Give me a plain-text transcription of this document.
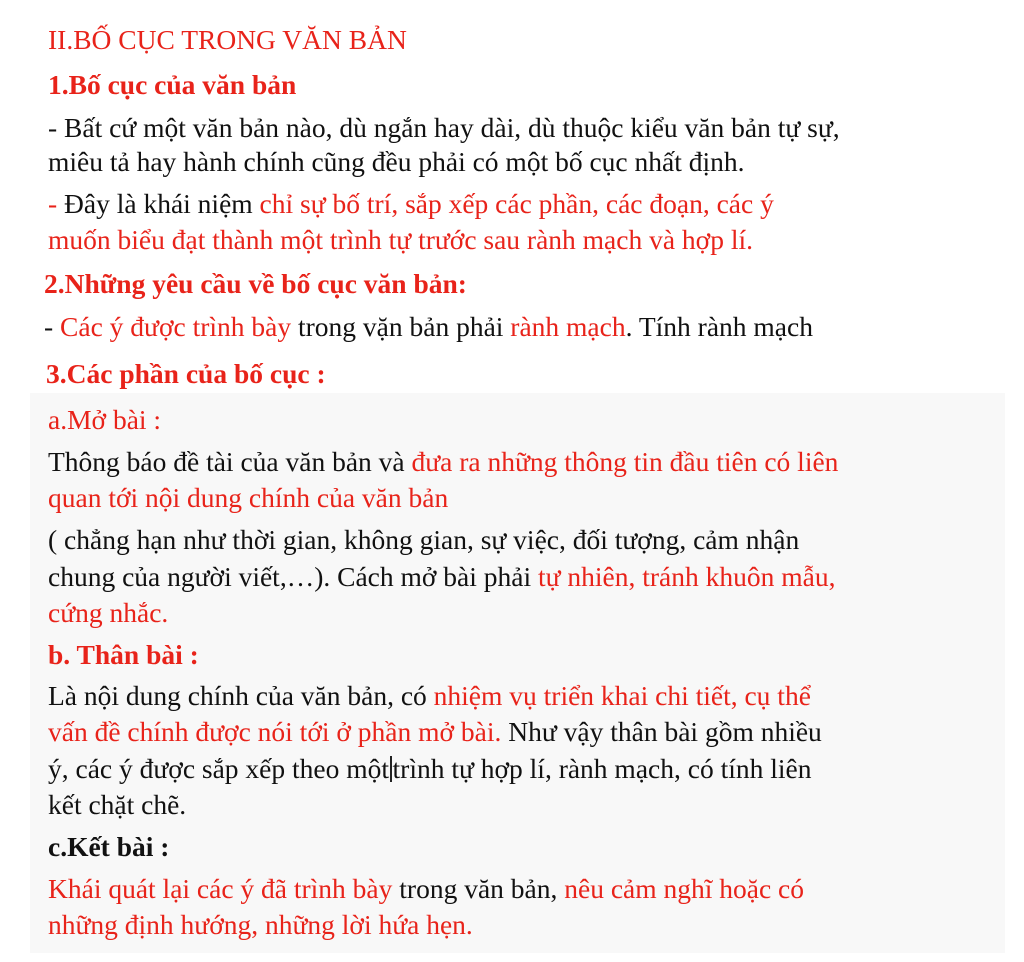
II.BỐ CỤC TRONG VĂN BẢN
1.Bố cục của văn bản
- Bất cứ một văn bản nào, dù ngắn hay dài, dù thuộc kiểu văn bản tự sự,
miêu tả hay hành chính cũng đều phải có một bố cục nhất định.
- Đây là khái niệm chỉ sự bố trí, sắp xếp các phần, các đoạn, các ý
muốn biểu đạt thành một trình tự trước sau rành mạch và hợp lí.
2.Những yêu cầu về bố cục văn bản:
- Các ý được trình bày trong vặn bản phải rành mạch. Tính rành mạch
3.Các phần của bố cục :
a.Mở bài :
Thông báo đề tài của văn bản và đưa ra những thông tin đầu tiên có liên
quan tới nội dung chính của văn bản
( chẳng hạn như thời gian, không gian, sự việc, đối tượng, cảm nhận
chung của người viết,…). Cách mở bài phải tự nhiên, tránh khuôn mẫu,
cứng nhắc.
b. Thân bài :
Là nội dung chính của văn bản, có nhiệm vụ triển khai chi tiết, cụ thể
vấn đề chính được nói tới ở phần mở bài. Như vậy thân bài gồm nhiều
ý, các ý được sắp xếp theo một trình tự hợp lí, rành mạch, có tính liên
kết chặt chẽ.
c.Kết bài :
Khái quát lại các ý đã trình bày trong văn bản, nêu cảm nghĩ hoặc có
những định hướng, những lời hứa hẹn.
